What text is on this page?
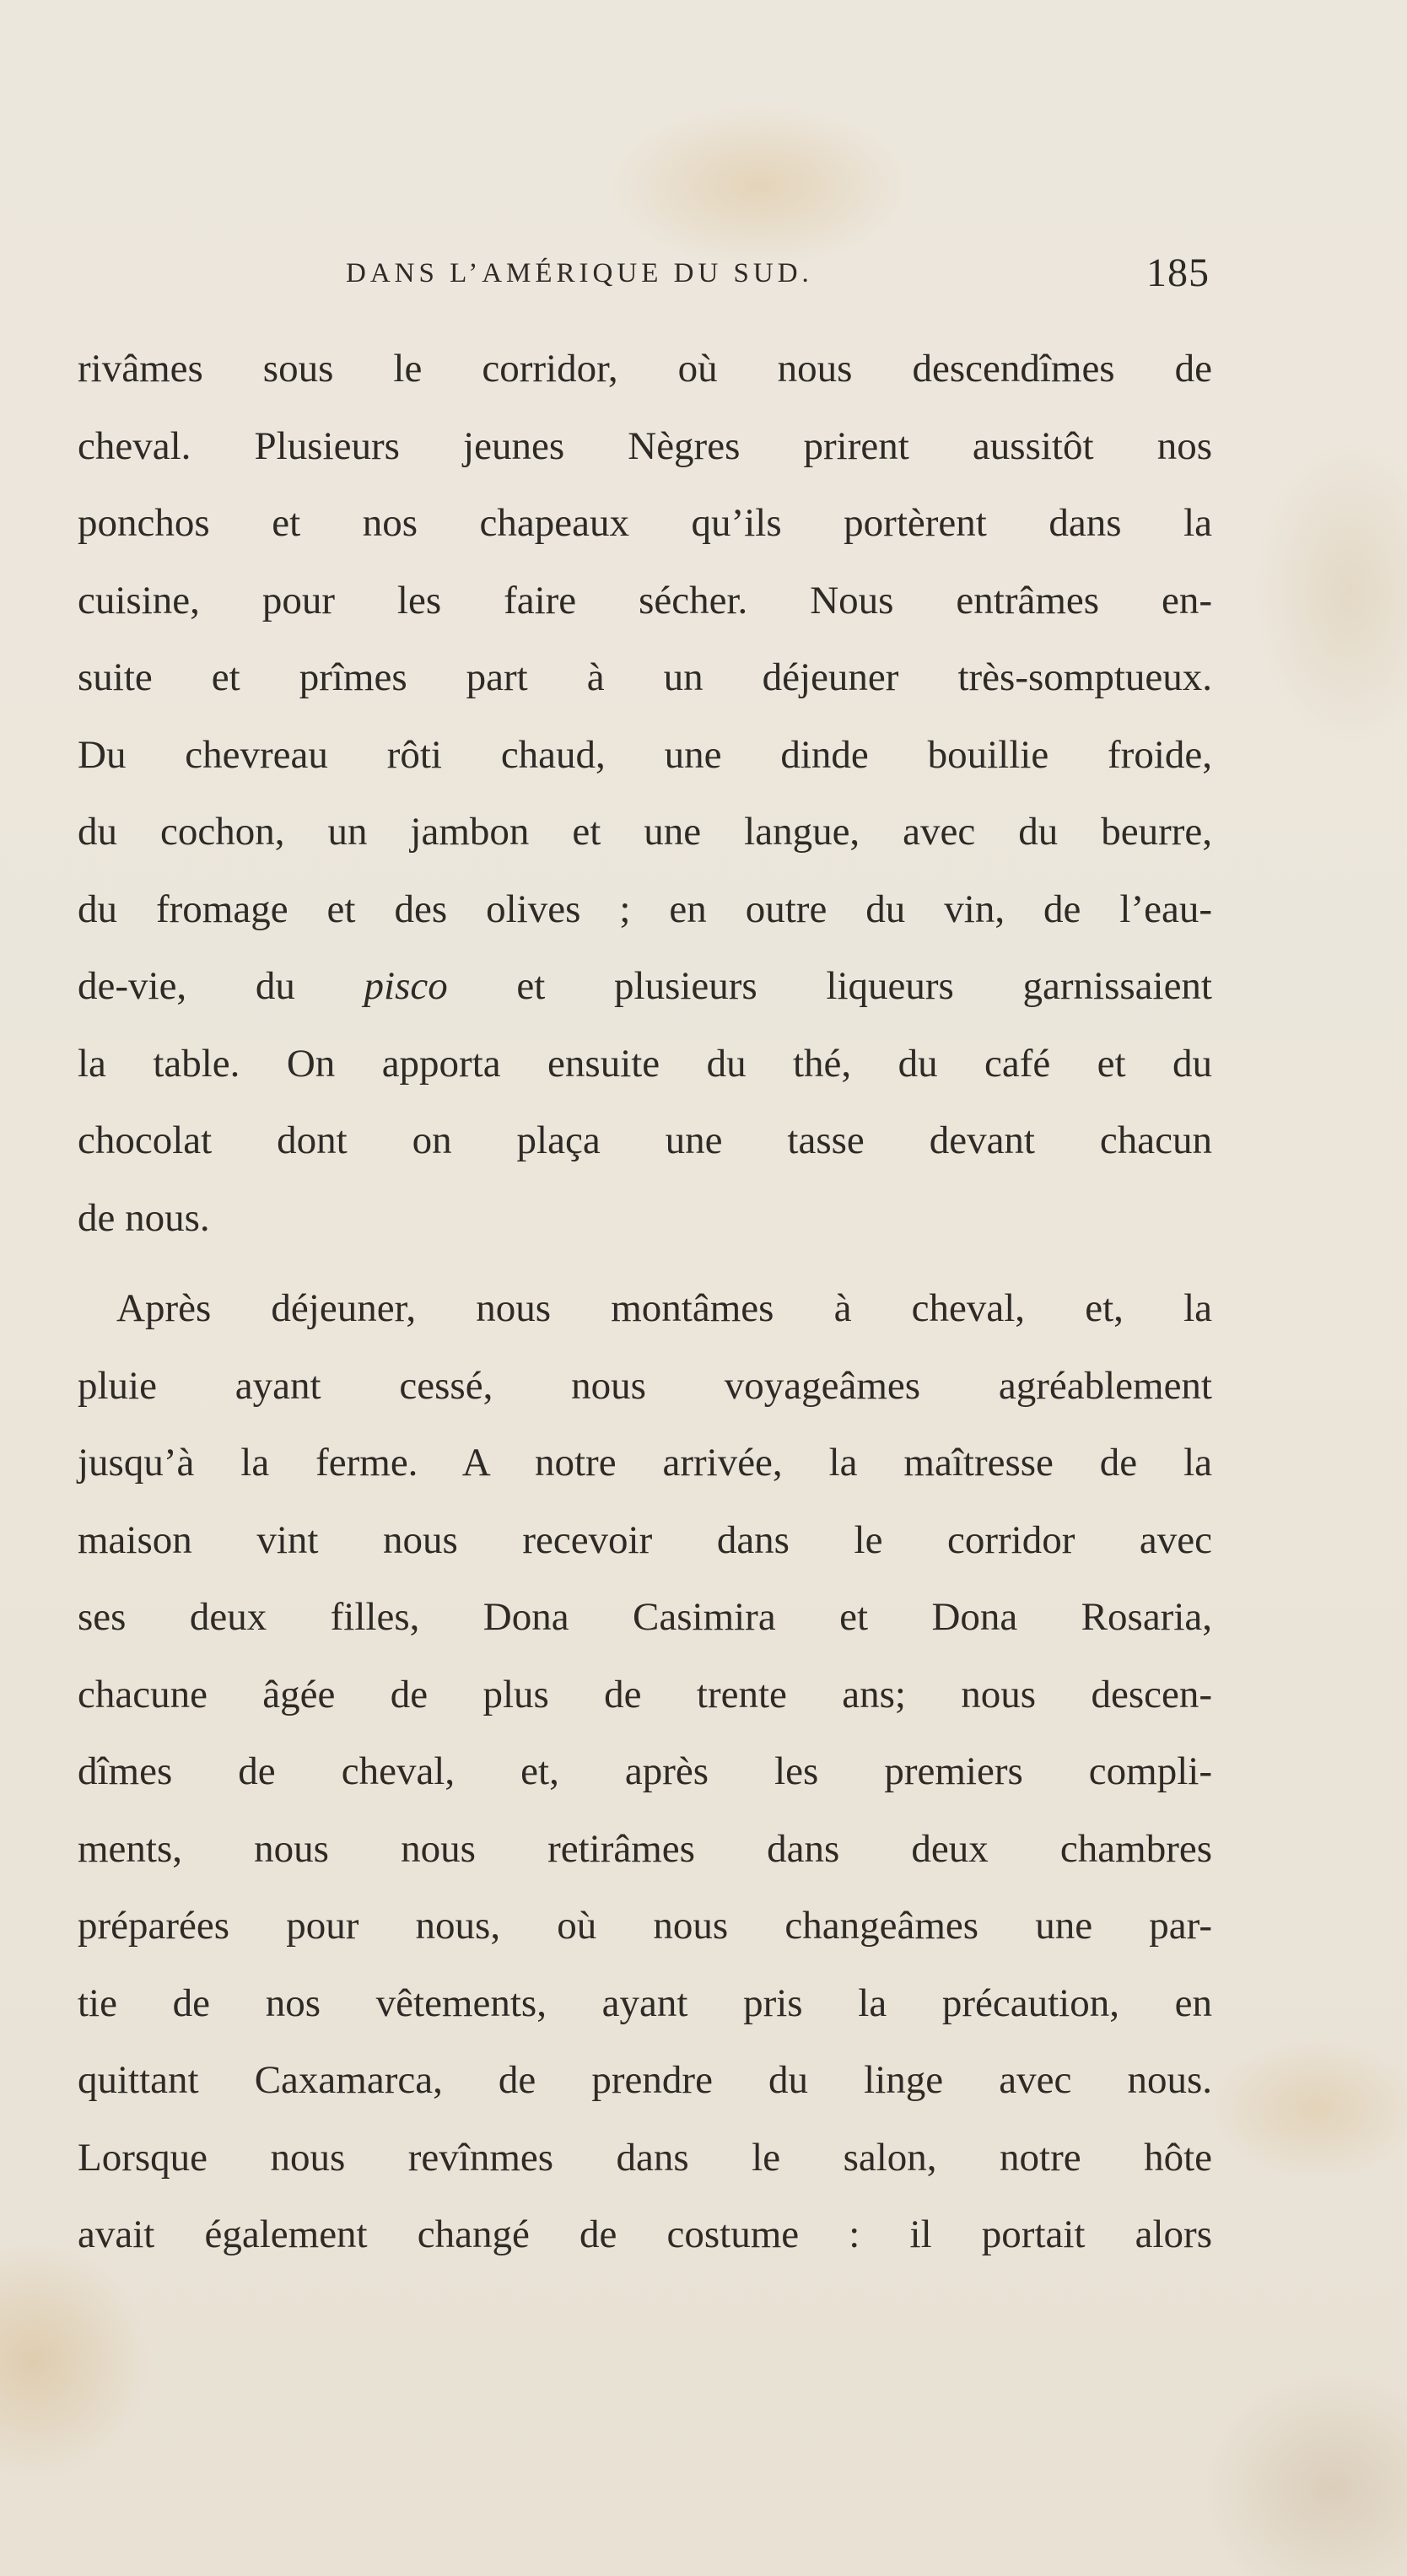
DANS L’AMÉRIQUE DU SUD.	185
rivâmes sous le corridor, où nous descendîmes de
cheval. Plusieurs jeunes Nègres prirent aussitôt nos
ponchos et nos chapeaux qu’ils portèrent dans la
cuisine, pour les faire sécher. Nous entrâmes en-
suite et prîmes part à un déjeuner très-somptueux.
Du chevreau rôti chaud, une dinde bouillie froide,
du cochon, un jambon et une langue, avec du beurre,
du fromage et des olives ; en outre du vin, de l’eau-
de-vie, du pisco et plusieurs liqueurs garnissaient
la table. On apporta ensuite du thé, du café et du
chocolat dont on plaça une tasse devant chacun
de nous.
Après déjeuner, nous montâmes à cheval, et, la
pluie ayant cessé, nous voyageâmes agréablement
jusqu’à la ferme. A notre arrivée, la maîtresse de la
maison vint nous recevoir dans le corridor avec
ses deux filles, Dona Casimira et Dona Rosaria,
chacune âgée de plus de trente ans; nous descen-
dîmes de cheval, et, après les premiers compli-
ments, nous nous retirâmes dans deux chambres
préparées pour nous, où nous changeâmes une par-
tie de nos vêtements, ayant pris la précaution, en
quittant Caxamarca, de prendre du linge avec nous.
Lorsque nous revînmes dans le salon, notre hôte
avait également changé de costume : il portait alors
